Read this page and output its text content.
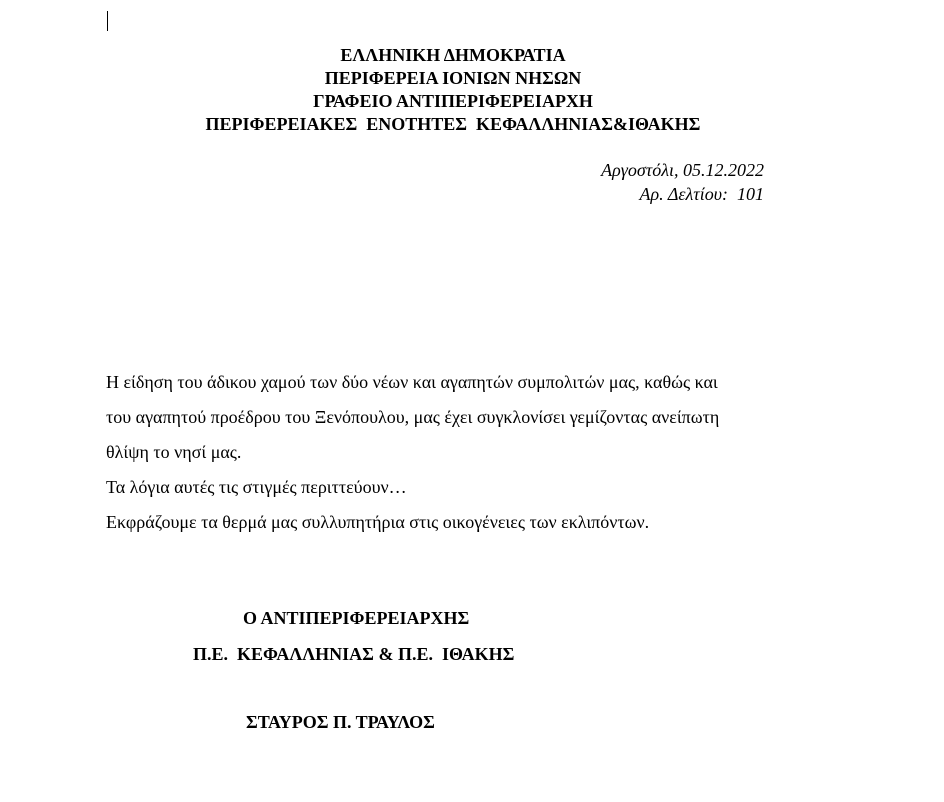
ΕΛΛΗΝΙΚΗ ΔΗΜΟΚΡΑΤΙΑ
ΠΕΡΙΦΕΡΕΙΑ ΙΟΝΙΩΝ ΝΗΣΩΝ
ΓΡΑΦΕΙΟ ΑΝΤΙΠΕΡΙΦΕΡΕΙΑΡΧΗ
ΠΕΡΙΦΕΡΕΙΑΚΕΣ  ΕΝΟΤΗΤΕΣ  ΚΕΦΑΛΛΗΝΙΑΣ&ΙΘΑΚΗΣ
Αργοστόλι, 05.12.2022
Αρ. Δελτίου:  101
Η είδηση του άδικου χαμού των δύο νέων και αγαπητών συμπολιτών μας, καθώς και
του αγαπητού προέδρου του Ξενόπουλου, μας έχει συγκλονίσει γεμίζοντας ανείπωτη
θλίψη το νησί μας.
Τα λόγια αυτές τις στιγμές περιττεύουν…
Εκφράζουμε τα θερμά μας συλλυπητήρια στις οικογένειες των εκλιπόντων.
Ο ΑΝΤΙΠΕΡΙΦΕΡΕΙΑΡΧΗΣ
Π.Ε.  ΚΕΦΑΛΛΗΝΙΑΣ & Π.Ε.  ΙΘΑΚΗΣ
ΣΤΑΥΡΟΣ Π. ΤΡΑΥΛΟΣ
